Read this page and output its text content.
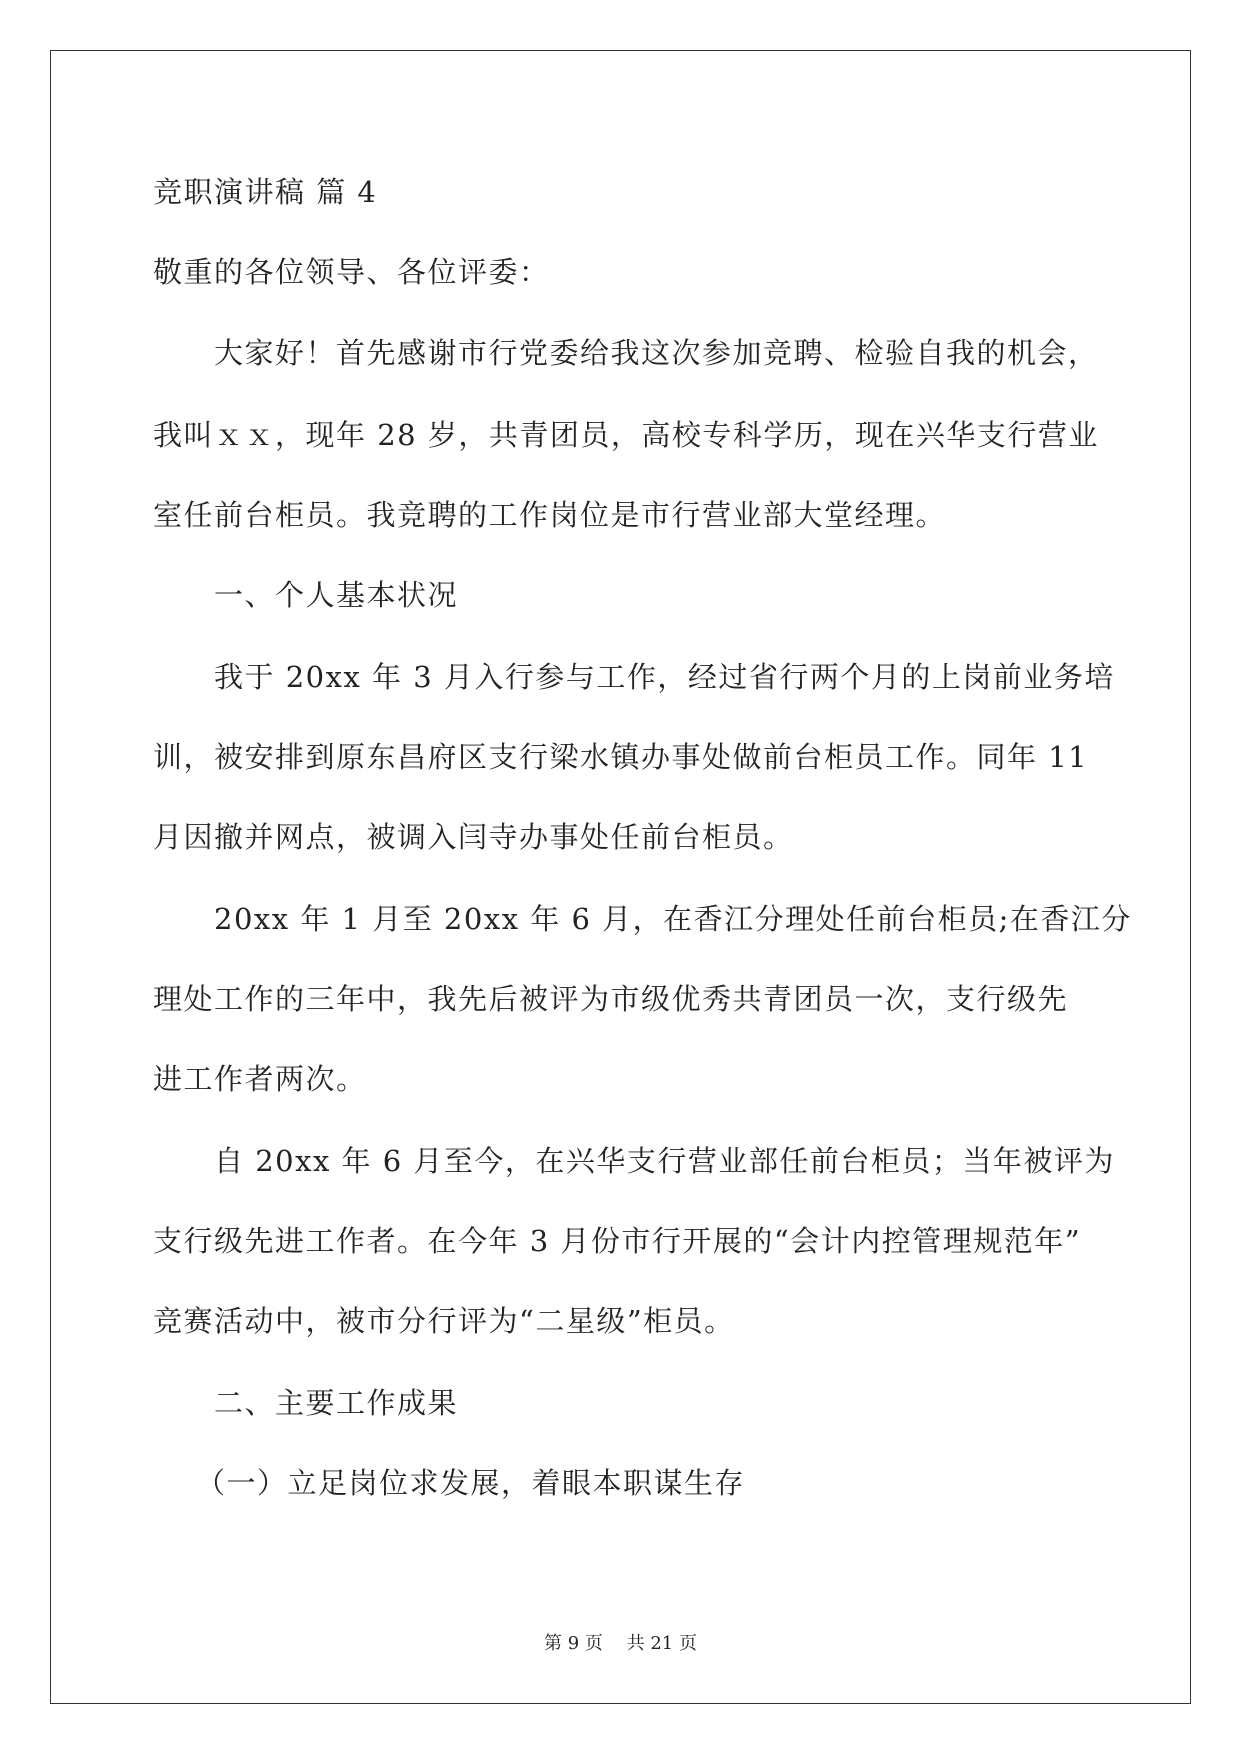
竞职演讲稿 篇 4
敬重的各位领导、各位评委：
大家好！首先感谢市行党委给我这次参加竞聘、检验自我的机会，
我叫ｘｘ，现年 28 岁，共青团员，高校专科学历，现在兴华支行营业
室任前台柜员。我竞聘的工作岗位是市行营业部大堂经理。
一、个人基本状况
我于 20xx 年 3 月入行参与工作，经过省行两个月的上岗前业务培
训，被安排到原东昌府区支行梁水镇办事处做前台柜员工作。同年 11
月因撤并网点，被调入闫寺办事处任前台柜员。
20xx 年 1 月至 20xx 年 6 月，在香江分理处任前台柜员;在香江分
理处工作的三年中，我先后被评为市级优秀共青团员一次，支行级先
进工作者两次。
自 20xx 年 6 月至今，在兴华支行营业部任前台柜员；当年被评为
支行级先进工作者。在今年 3 月份市行开展的“会计内控管理规范年”
竞赛活动中，被市分行评为“二星级”柜员。
二、主要工作成果
（一）立足岗位求发展，着眼本职谋生存
第 9 页　 共 21 页
